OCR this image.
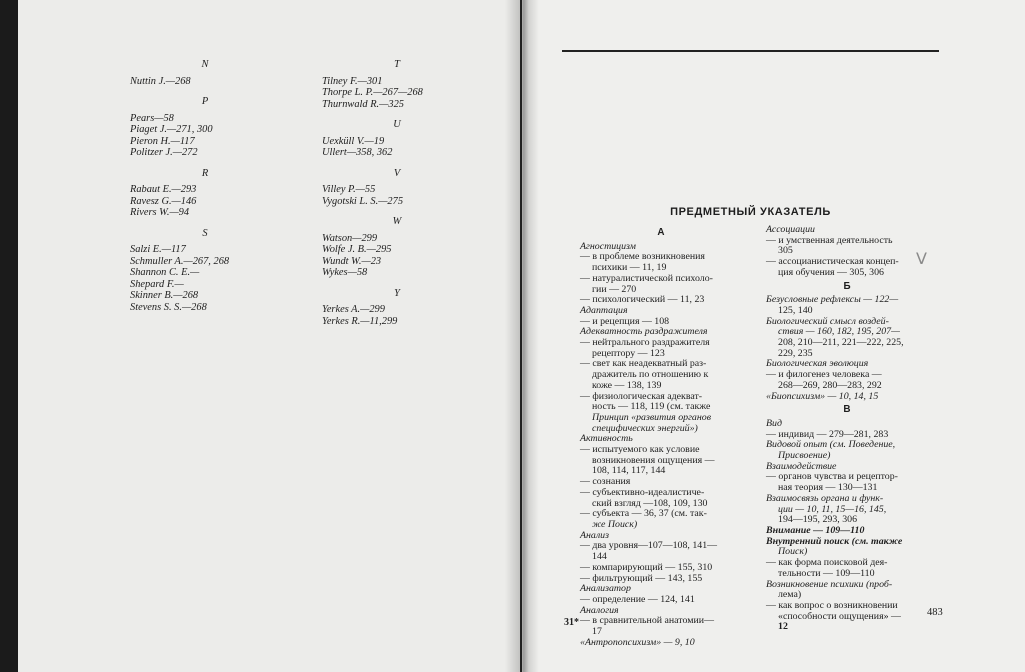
N
Nuttin J.—268
P
Pears—58
Piaget J.—271, 300
Pieron H.—117
Politzer J.—272
R
Rabaut E.—293
Ravesz G.—146
Rivers W.—94
S
Salzi E.—117
Schmuller A.—267, 268
Shannon C. E.—
Shepard F.—
Skinner B.—268
Stevens S. S.—268
T
Tilney F.—301
Thorpe L. P.—267—268
Thurnwald R.—325
U
Uexküll V.—19
Ullert—358, 362
V
Villey P.—55
Vygotski L. S.—275
W
Watson—299
Wolfe J. B.—295
Wundt W.—23
Wykes—58
Y
Yerkes A.—299
Yerkes R.—11,299
ПРЕДМЕТНЫЙ УКАЗАТЕЛЬ
А
Агностицизм
— в проблеме возникновения
психики — 11, 19
— натуралистической психоло-
гии — 270
— психологический — 11, 23
Адаптация
— и рецепция — 108
Адекватность раздражителя
— нейтрального раздражителя
рецептору — 123
— свет как неадекватный раз-
дражитель по отношению к
коже — 138, 139
— физиологическая адекват-
ность — 118, 119 (см. также
Принцип «развития органов
специфических энергий»)
Активность
— испытуемого как условие
возникновения ощущения —
108, 114, 117, 144
— сознания
— субъективно-идеалистиче-
ский взгляд —108, 109, 130
— субъекта — 36, 37 (см. так-
же Поиск)
Анализ
— два уровня—107—108, 141—
144
— компарирующий — 155, 310
— фильтрующий — 143, 155
Анализатор
— определение — 124, 141
Аналогия
— в сравнительной анатомии—
17
«Антропопсихизм» — 9, 10
Ассоциации
— и умственная деятельность
305
— ассоцианистическая концеп-
ция обучения — 305, 306
Б
Безусловные рефлексы — 122—
125, 140
Биологический смысл воздей-
ствия — 160, 182, 195, 207—
208, 210—211, 221—222, 225,
229, 235
Биологическая эволюция
— и филогенез человека —
268—269, 280—283, 292
«Биопсихизм» — 10, 14, 15
В
Вид
— индивид — 279—281, 283
Видовой опыт (см. Поведение,
Присвоение)
Взаимодействие
— органов чувства и рецептор-
ная теория — 130—131
Взаимосвязь органа и функ-
ции — 10, 11, 15—16, 145,
194—195, 293, 306
Внимание — 109—110
Внутренний поиск (см. также
Поиск)
— как форма поисковой дея-
тельности — 109—110
Возникновение психики (проб-
лема)
— как вопрос о возникновении
«способности ощущения» —
12
V
31*
483
